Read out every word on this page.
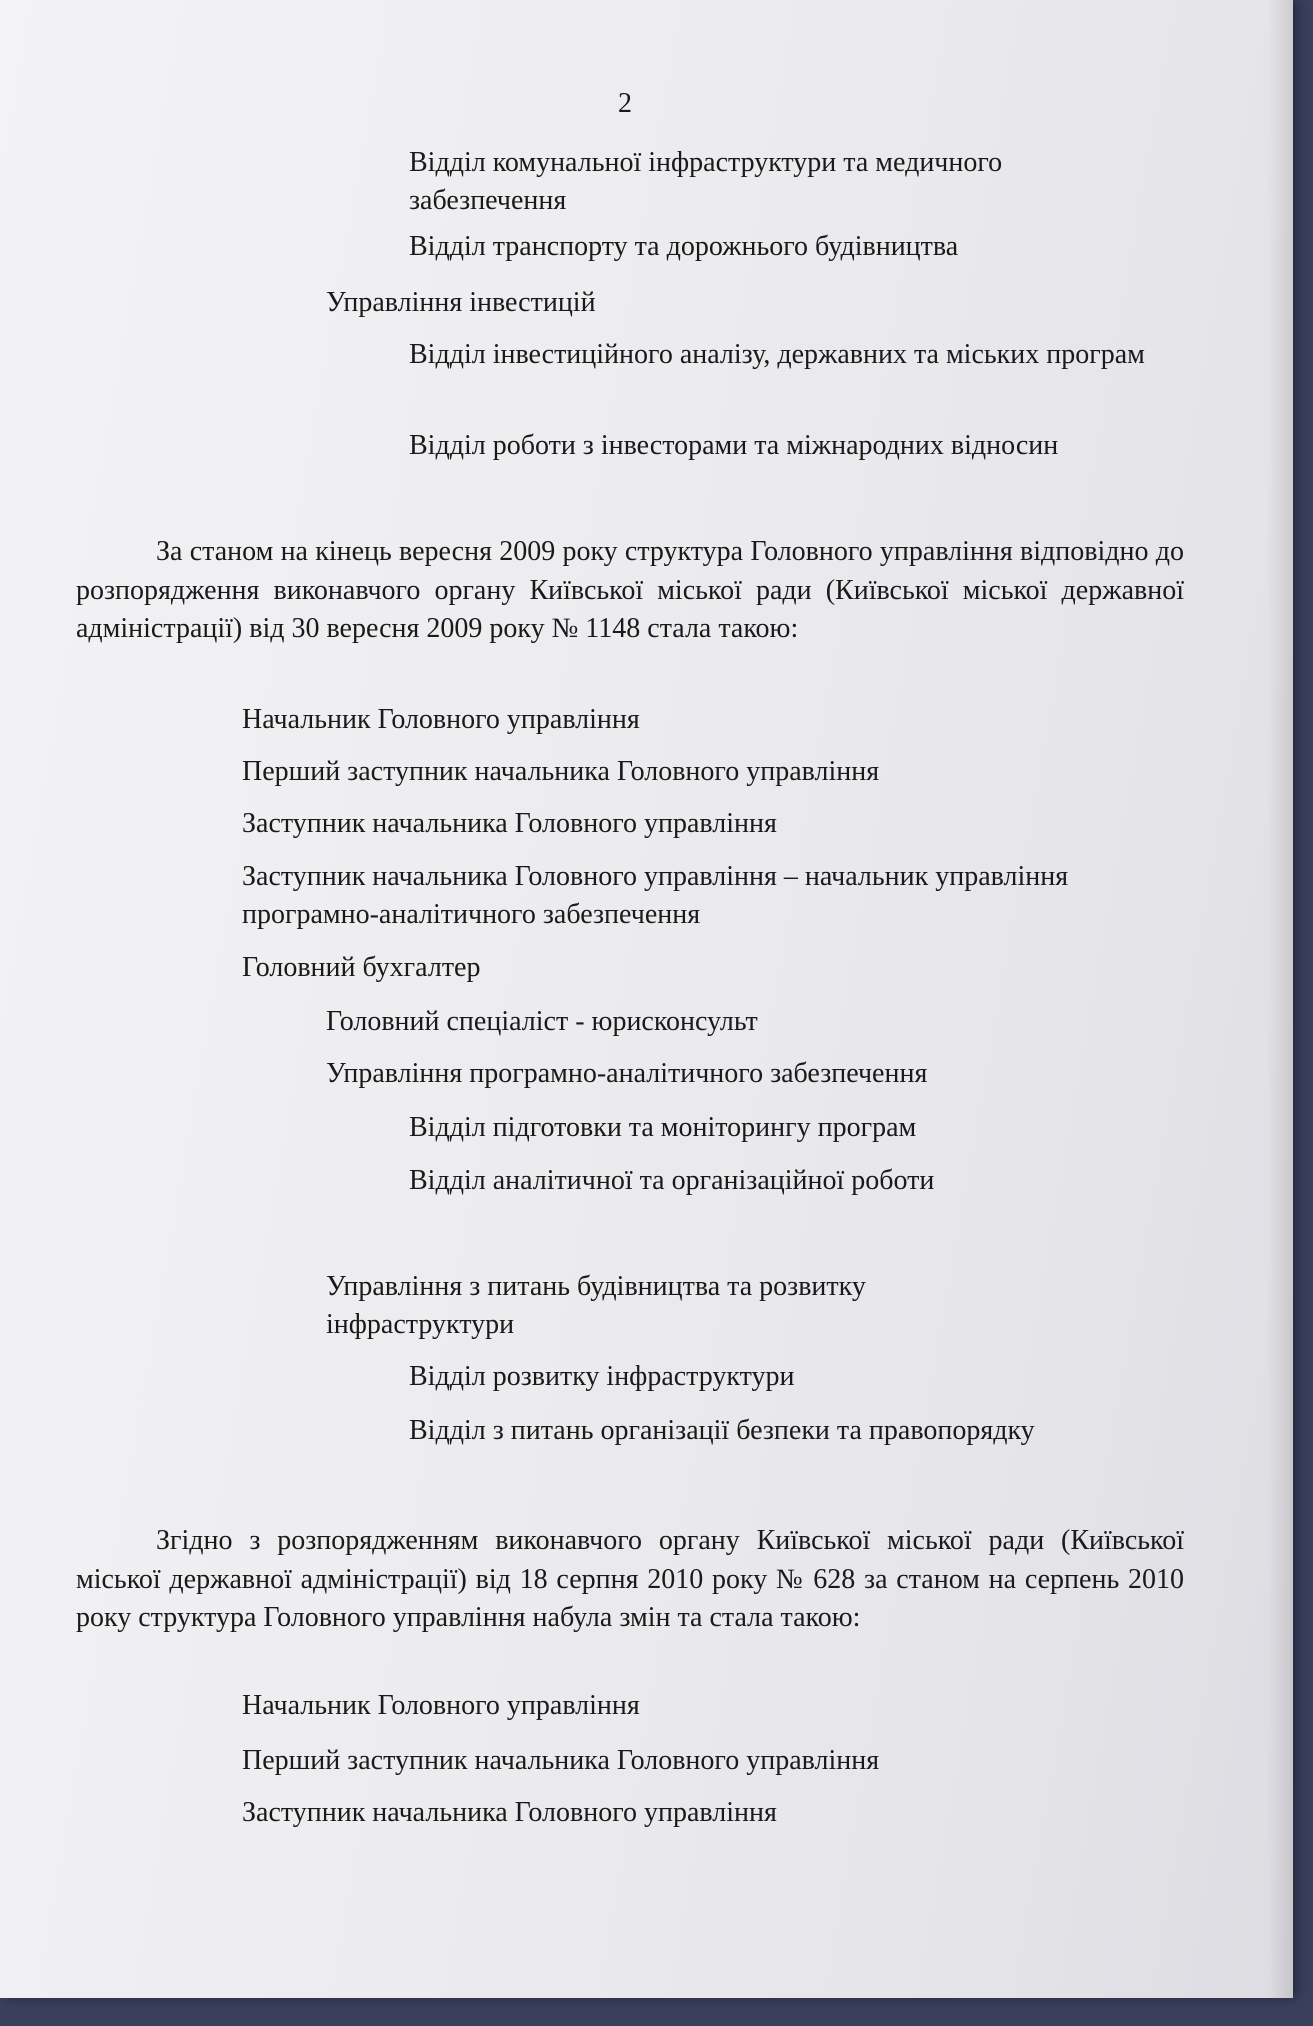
2
Відділ комунальної інфраструктури та медичного забезпечення
Відділ транспорту та дорожнього будівництва
Управління інвестицій
Відділ інвестиційного аналізу, державних та міських програм
Відділ роботи з інвесторами та міжнародних відносин
За станом на кінець вересня 2009 року структура Головного управління відповідно до розпорядження виконавчого органу Київської міської ради (Київської міської державної адміністрації) від 30 вересня 2009 року № 1148 стала такою:
Начальник Головного управління
Перший заступник начальника Головного управління
Заступник начальника Головного управління
Заступник начальника Головного управління – начальник управління програмно-аналітичного забезпечення
Головний бухгалтер
Головний спеціаліст - юрисконсульт
Управління програмно-аналітичного забезпечення
Відділ підготовки та моніторингу програм
Відділ аналітичної та організаційної роботи
Управління з питань будівництва та розвитку інфраструктури
Відділ розвитку інфраструктури
Відділ з питань організації безпеки та правопорядку
Згідно з розпорядженням виконавчого органу Київської міської ради (Київської міської державної адміністрації) від 18 серпня 2010 року № 628 за станом на серпень 2010 року структура Головного управління набула змін та стала такою:
Начальник Головного управління
Перший заступник начальника Головного управління
Заступник начальника Головного управління
